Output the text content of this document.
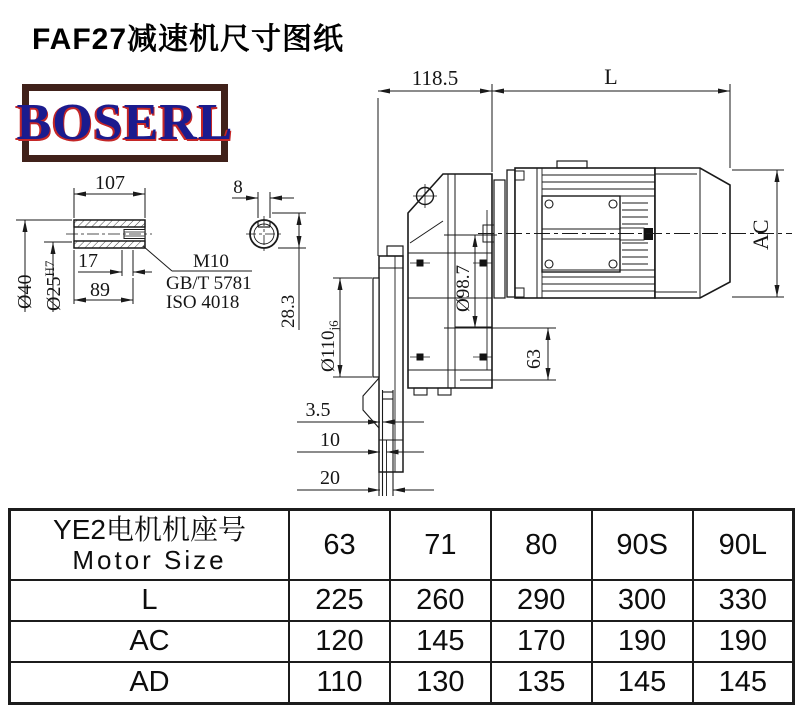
FAF27减速机尺寸图纸
BOSERL
107
17
89
Ø40 $Ø25^{H7}$	M10
GB/T 5781
ISO 4018
8
28.3
118.5	L
AC
Ø98.7
63
$Ø110_{j6}$
3.5
10
20
YE2电机机座号
Motor Size	63	71	80	90S	90L
L	225	260	290	300	330
AC	120	145	170	190	190
AD	110	130	135	145	145
